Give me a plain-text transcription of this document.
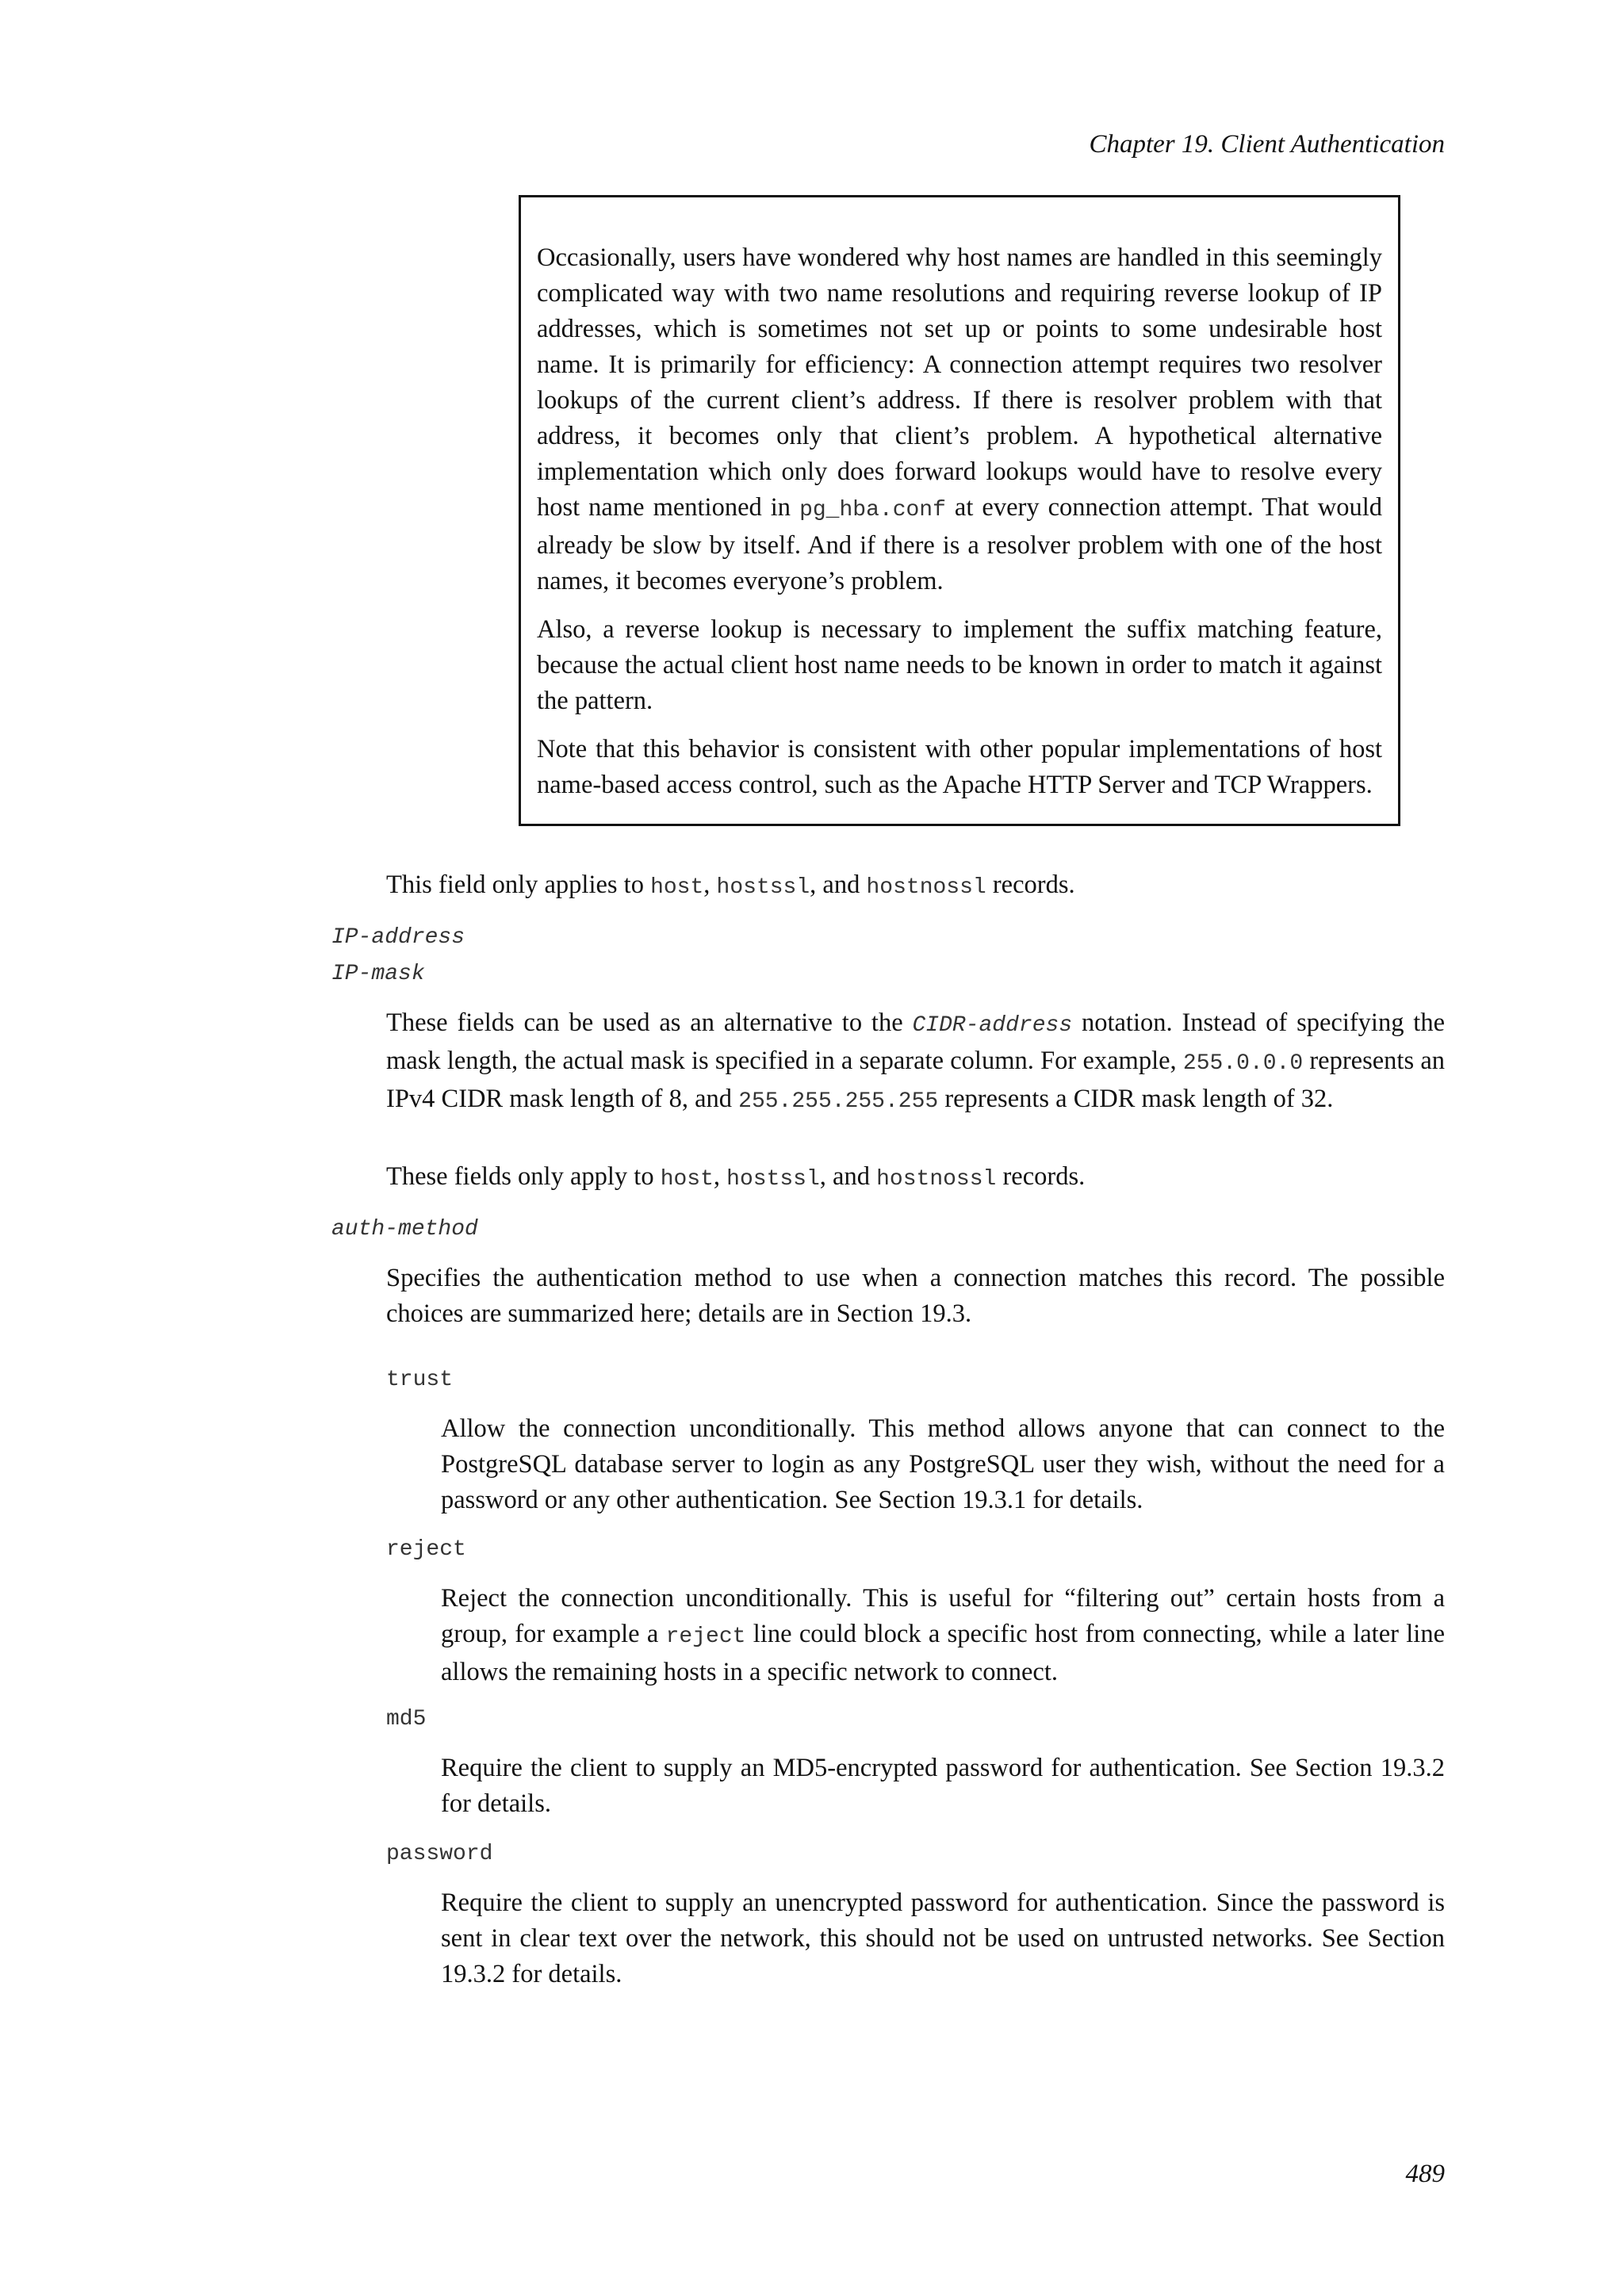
Chapter 19. Client Authentication

Occasionally, users have wondered why host names are handled in this seemingly complicated way with two name resolutions and requiring reverse lookup of IP addresses, which is sometimes not set up or points to some undesirable host name. It is primarily for efficiency: A connection attempt requires two resolver lookups of the current client’s address. If there is resolver problem with that address, it becomes only that client’s problem. A hypothetical alternative implementation which only does forward lookups would have to resolve every host name mentioned in pg_hba.conf at every connection attempt. That would already be slow by itself. And if there is a resolver problem with one of the host names, it becomes everyone’s problem.

Also, a reverse lookup is necessary to implement the suffix matching feature, because the actual client host name needs to be known in order to match it against the pattern.

Note that this behavior is consistent with other popular implementations of host name-based access control, such as the Apache HTTP Server and TCP Wrappers.

This field only applies to host, hostssl, and hostnossl records.

IP-address

IP-mask

These fields can be used as an alternative to the CIDR-address notation. Instead of specifying the mask length, the actual mask is specified in a separate column. For example, 255.0.0.0 represents an IPv4 CIDR mask length of 8, and 255.255.255.255 represents a CIDR mask length of 32.

These fields only apply to host, hostssl, and hostnossl records.

auth-method

Specifies the authentication method to use when a connection matches this record. The possible choices are summarized here; details are in Section 19.3.

trust

Allow the connection unconditionally. This method allows anyone that can connect to the PostgreSQL database server to login as any PostgreSQL user they wish, without the need for a password or any other authentication. See Section 19.3.1 for details.

reject

Reject the connection unconditionally. This is useful for “filtering out” certain hosts from a group, for example a reject line could block a specific host from connecting, while a later line allows the remaining hosts in a specific network to connect.

md5

Require the client to supply an MD5-encrypted password for authentication. See Section 19.3.2 for details.

password

Require the client to supply an unencrypted password for authentication. Since the password is sent in clear text over the network, this should not be used on untrusted networks. See Section 19.3.2 for details.

489
